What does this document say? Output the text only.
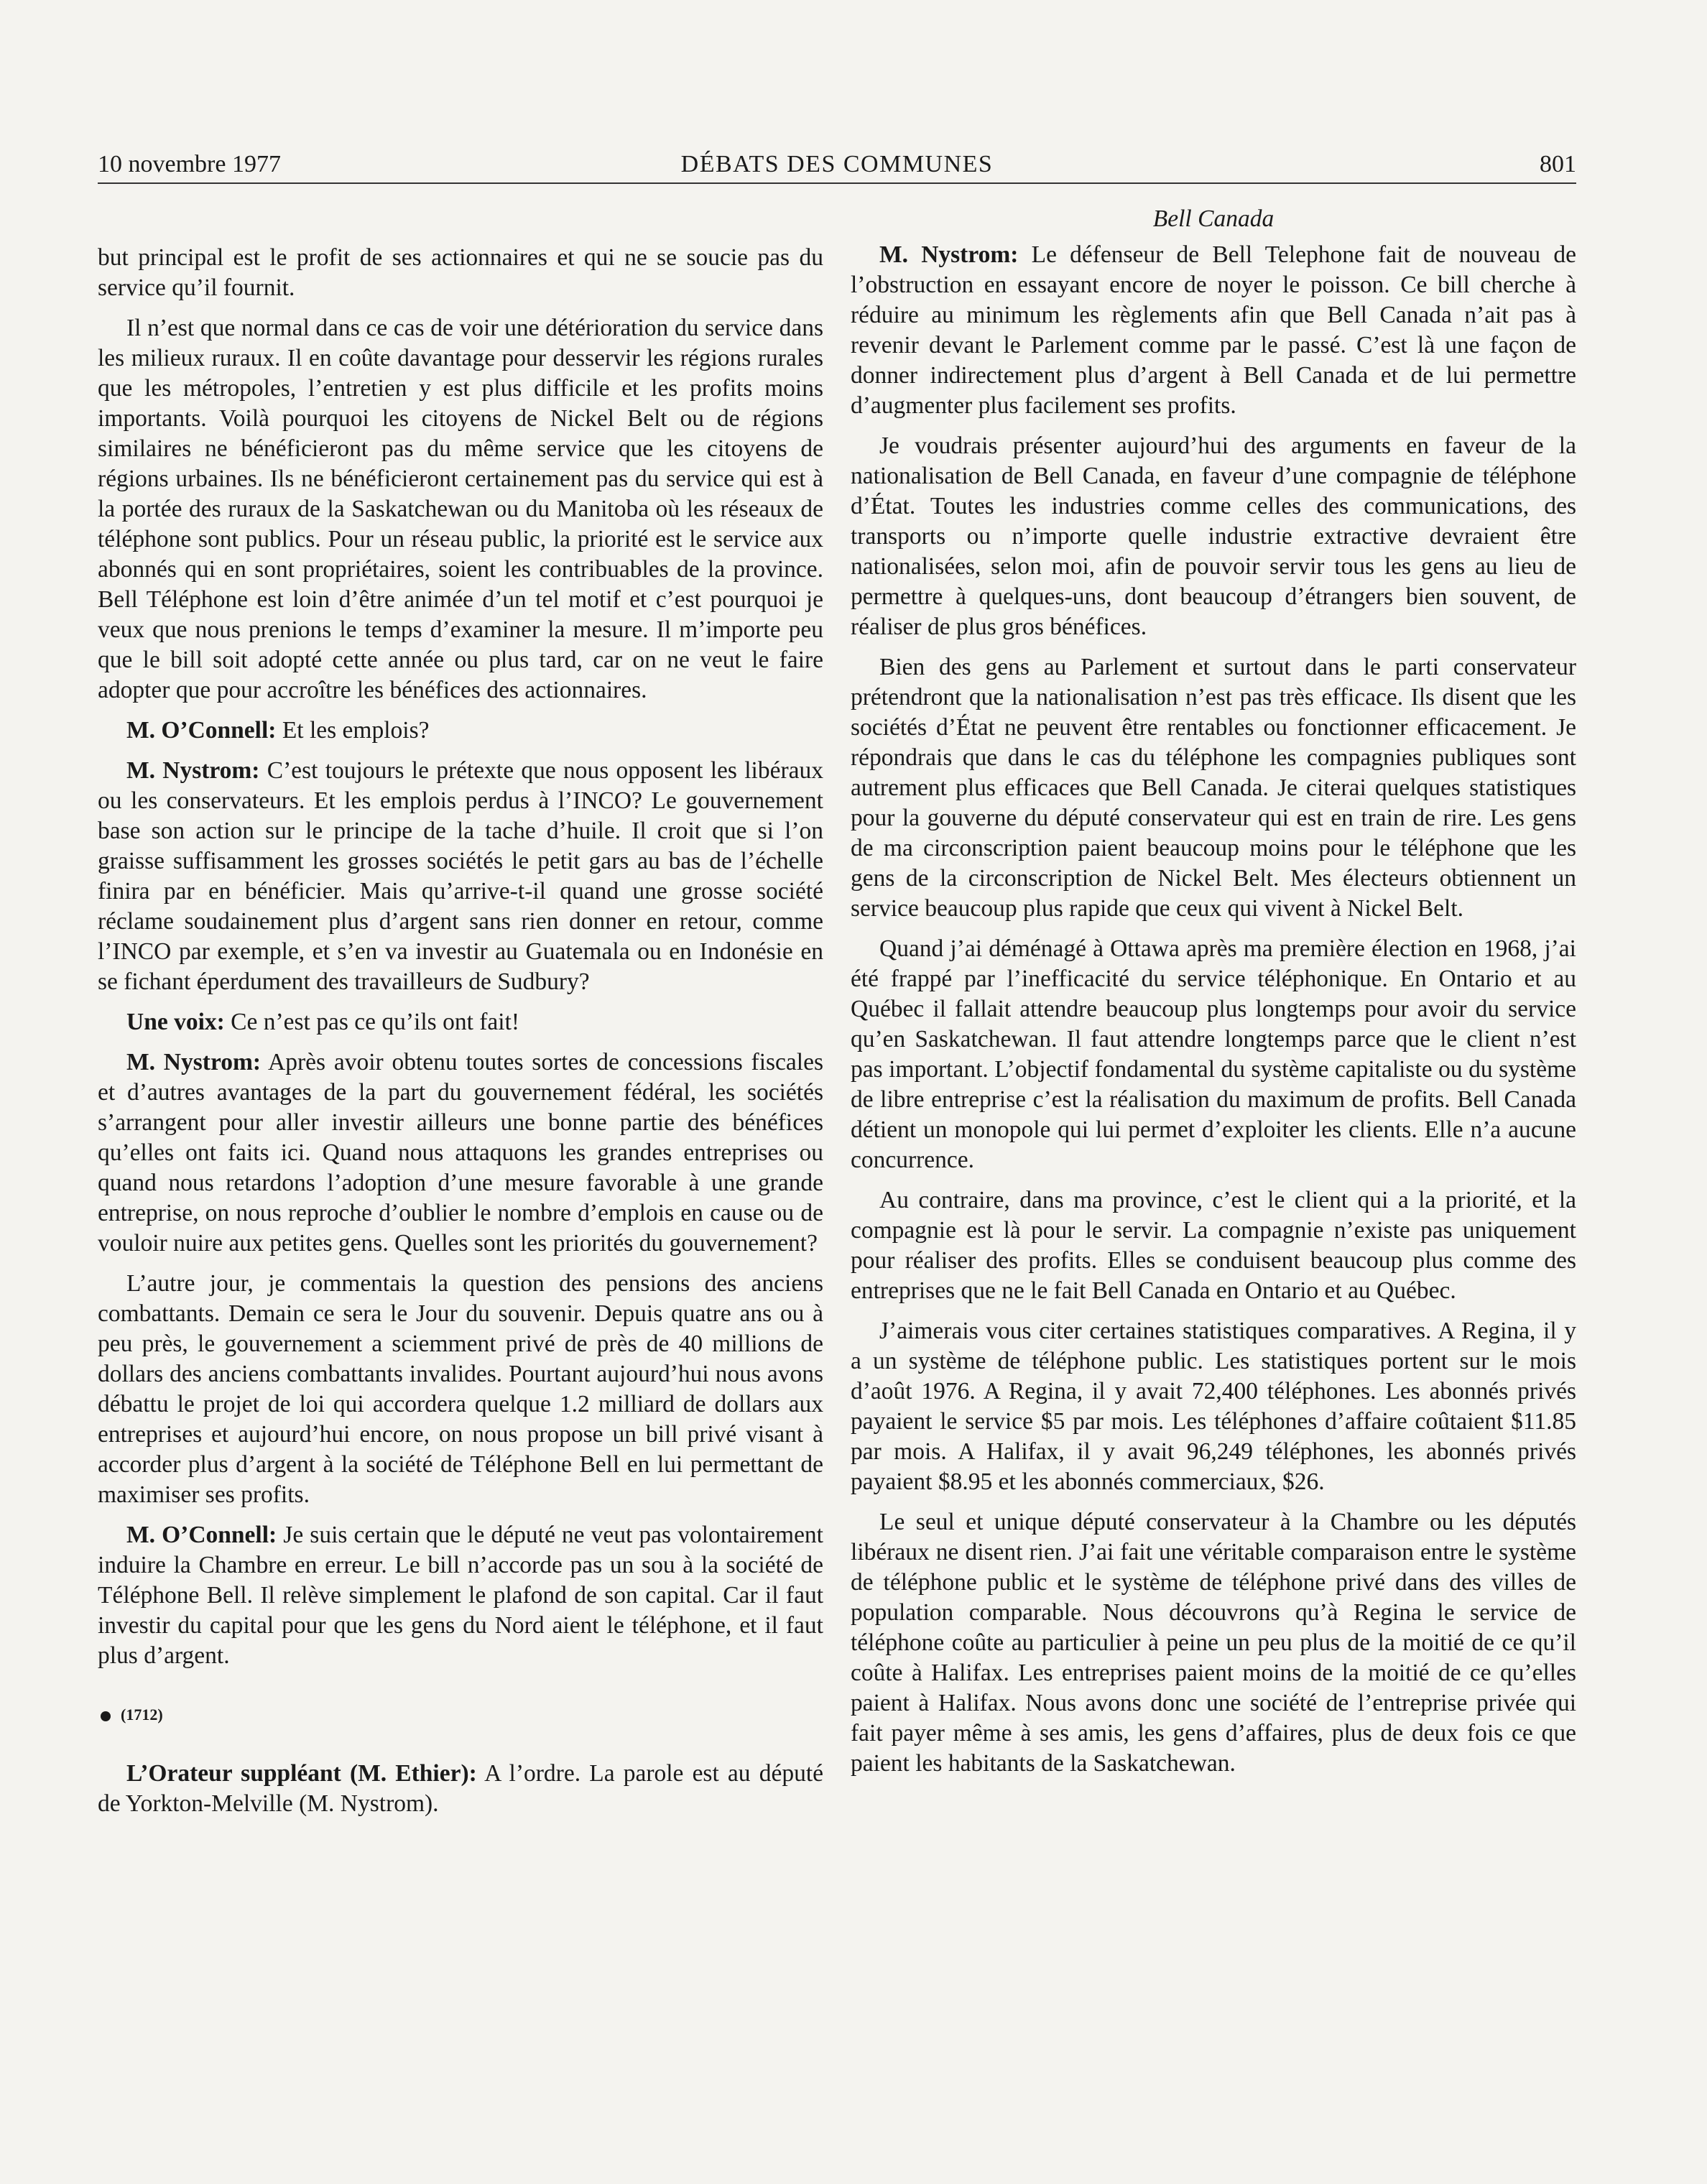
10 novembre 1977	DÉBATS DES COMMUNES	801

but principal est le profit de ses actionnaires et qui ne se soucie pas du service qu’il fournit.

Il n’est que normal dans ce cas de voir une détérioration du service dans les milieux ruraux. Il en coûte davantage pour desservir les régions rurales que les métropoles, l’entretien y est plus difficile et les profits moins importants. Voilà pourquoi les citoyens de Nickel Belt ou de régions similaires ne bénéficieront pas du même service que les citoyens de régions urbaines. Ils ne bénéficieront certainement pas du service qui est à la portée des ruraux de la Saskatchewan ou du Manitoba où les réseaux de téléphone sont publics. Pour un réseau public, la priorité est le service aux abonnés qui en sont propriétaires, soient les contribuables de la province. Bell Téléphone est loin d’être animée d’un tel motif et c’est pourquoi je veux que nous prenions le temps d’examiner la mesure. Il m’importe peu que le bill soit adopté cette année ou plus tard, car on ne veut le faire adopter que pour accroître les bénéfices des actionnaires.

M. O’Connell: Et les emplois?

M. Nystrom: C’est toujours le prétexte que nous opposent les libéraux ou les conservateurs. Et les emplois perdus à l’INCO? Le gouvernement base son action sur le principe de la tache d’huile. Il croit que si l’on graisse suffisamment les grosses sociétés le petit gars au bas de l’échelle finira par en bénéficier. Mais qu’arrive-t-il quand une grosse société réclame soudainement plus d’argent sans rien donner en retour, comme l’INCO par exemple, et s’en va investir au Guatemala ou en Indonésie en se fichant éperdument des travailleurs de Sudbury?

Une voix: Ce n’est pas ce qu’ils ont fait!

M. Nystrom: Après avoir obtenu toutes sortes de concessions fiscales et d’autres avantages de la part du gouvernement fédéral, les sociétés s’arrangent pour aller investir ailleurs une bonne partie des bénéfices qu’elles ont faits ici. Quand nous attaquons les grandes entreprises ou quand nous retardons l’adoption d’une mesure favorable à une grande entreprise, on nous reproche d’oublier le nombre d’emplois en cause ou de vouloir nuire aux petites gens. Quelles sont les priorités du gouvernement?

L’autre jour, je commentais la question des pensions des anciens combattants. Demain ce sera le Jour du souvenir. Depuis quatre ans ou à peu près, le gouvernement a sciemment privé de près de 40 millions de dollars des anciens combattants invalides. Pourtant aujourd’hui nous avons débattu le projet de loi qui accordera quelque 1.2 milliard de dollars aux entreprises et aujourd’hui encore, on nous propose un bill privé visant à accorder plus d’argent à la société de Téléphone Bell en lui permettant de maximiser ses profits.

M. O’Connell: Je suis certain que le député ne veut pas volontairement induire la Chambre en erreur. Le bill n’accorde pas un sou à la société de Téléphone Bell. Il relève simplement le plafond de son capital. Car il faut investir du capital pour que les gens du Nord aient le téléphone, et il faut plus d’argent.

(1712)

L’Orateur suppléant (M. Ethier): A l’ordre. La parole est au député de Yorkton-Melville (M. Nystrom).

Bell Canada

M. Nystrom: Le défenseur de Bell Telephone fait de nouveau de l’obstruction en essayant encore de noyer le poisson. Ce bill cherche à réduire au minimum les règlements afin que Bell Canada n’ait pas à revenir devant le Parlement comme par le passé. C’est là une façon de donner indirectement plus d’argent à Bell Canada et de lui permettre d’augmenter plus facilement ses profits.

Je voudrais présenter aujourd’hui des arguments en faveur de la nationalisation de Bell Canada, en faveur d’une compagnie de téléphone d’État. Toutes les industries comme celles des communications, des transports ou n’importe quelle industrie extractive devraient être nationalisées, selon moi, afin de pouvoir servir tous les gens au lieu de permettre à quelques-uns, dont beaucoup d’étrangers bien souvent, de réaliser de plus gros bénéfices.

Bien des gens au Parlement et surtout dans le parti conservateur prétendront que la nationalisation n’est pas très efficace. Ils disent que les sociétés d’État ne peuvent être rentables ou fonctionner efficacement. Je répondrais que dans le cas du téléphone les compagnies publiques sont autrement plus efficaces que Bell Canada. Je citerai quelques statistiques pour la gouverne du député conservateur qui est en train de rire. Les gens de ma circonscription paient beaucoup moins pour le téléphone que les gens de la circonscription de Nickel Belt. Mes électeurs obtiennent un service beaucoup plus rapide que ceux qui vivent à Nickel Belt.

Quand j’ai déménagé à Ottawa après ma première élection en 1968, j’ai été frappé par l’inefficacité du service téléphonique. En Ontario et au Québec il fallait attendre beaucoup plus longtemps pour avoir du service qu’en Saskatchewan. Il faut attendre longtemps parce que le client n’est pas important. L’objectif fondamental du système capitaliste ou du système de libre entreprise c’est la réalisation du maximum de profits. Bell Canada détient un monopole qui lui permet d’exploiter les clients. Elle n’a aucune concurrence.

Au contraire, dans ma province, c’est le client qui a la priorité, et la compagnie est là pour le servir. La compagnie n’existe pas uniquement pour réaliser des profits. Elles se conduisent beaucoup plus comme des entreprises que ne le fait Bell Canada en Ontario et au Québec.

J’aimerais vous citer certaines statistiques comparatives. A Regina, il y a un système de téléphone public. Les statistiques portent sur le mois d’août 1976. A Regina, il y avait 72,400 téléphones. Les abonnés privés payaient le service $5 par mois. Les téléphones d’affaire coûtaient $11.85 par mois. A Halifax, il y avait 96,249 téléphones, les abonnés privés payaient $8.95 et les abonnés commerciaux, $26.

Le seul et unique député conservateur à la Chambre ou les députés libéraux ne disent rien. J’ai fait une véritable comparaison entre le système de téléphone public et le système de téléphone privé dans des villes de population comparable. Nous découvrons qu’à Regina le service de téléphone coûte au particulier à peine un peu plus de la moitié de ce qu’il coûte à Halifax. Les entreprises paient moins de la moitié de ce qu’elles paient à Halifax. Nous avons donc une société de l’entreprise privée qui fait payer même à ses amis, les gens d’affaires, plus de deux fois ce que paient les habitants de la Saskatchewan.
